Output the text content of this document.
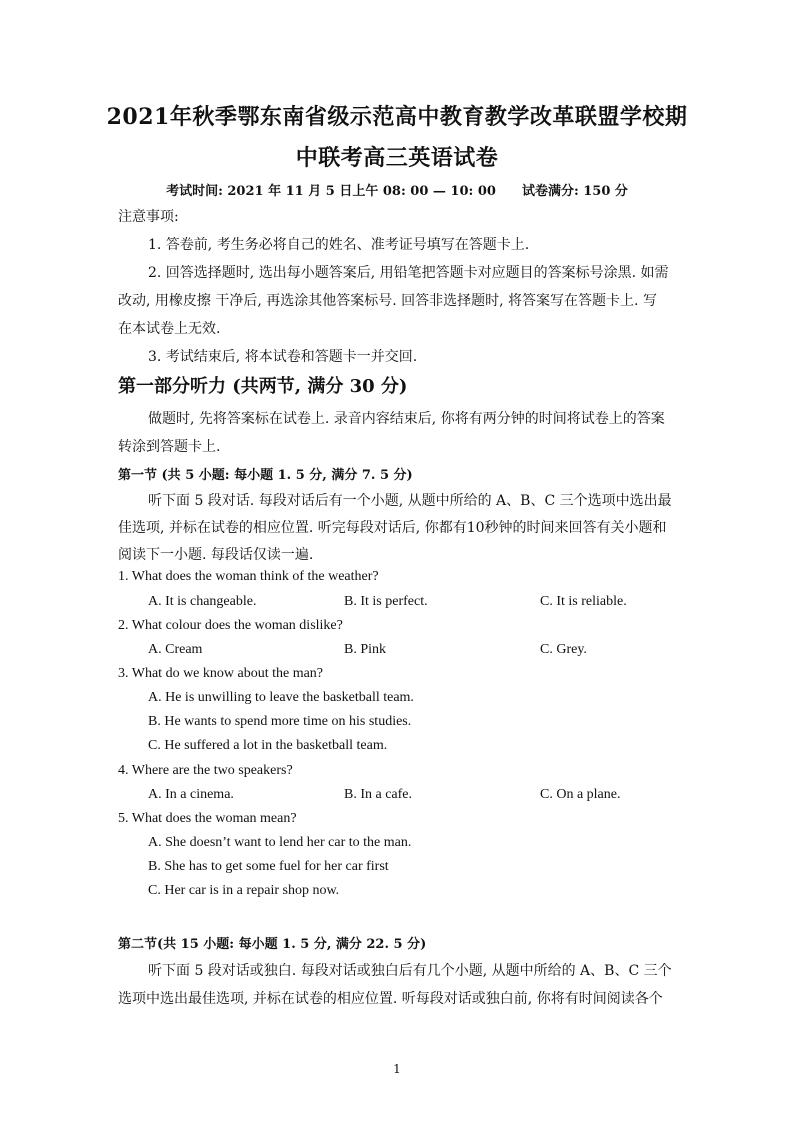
2021年秋季鄂东南省级示范高中教育教学改革联盟学校期
中联考高三英语试卷
考试时间: 2021 年 11 月 5 日上午 08: 00 — 10: 00 试卷满分: 150 分
注意事项:
1. 答卷前, 考生务必将自己的姓名、准考证号填写在答题卡上.
2. 回答选择题时, 选出每小题答案后, 用铅笔把答题卡对应题目的答案标号涂黑. 如需
改动, 用橡皮擦 干净后, 再选涂其他答案标号. 回答非选择题时, 将答案写在答题卡上. 写
在本试卷上无效.
3. 考试结束后, 将本试卷和答题卡一并交回.
第一部分听力 (共两节, 满分 30 分)
做题时, 先将答案标在试卷上. 录音内容结束后, 你将有两分钟的时间将试卷上的答案
转涂到答题卡上.
第一节 (共 5 小题: 每小题 1. 5 分, 满分 7. 5 分)
听下面 5 段对话. 每段对话后有一个小题, 从题中所给的 A、B、C 三个选项中选出最
佳选项, 并标在试卷的相应位置. 听完每段对话后, 你都有10秒钟的时间来回答有关小题和
阅读下一小题. 每段话仅读一遍.
1. What does the woman think of the weather?
A. It is changeable.	B. It is perfect.	C. It is reliable.
2. What colour does the woman dislike?
A. Cream	B. Pink	C. Grey.
3. What do we know about the man?
A. He is unwilling to leave the basketball team.
B. He wants to spend more time on his studies.
C. He suffered a lot in the basketball team.
4. Where are the two speakers?
A. In a cinema.	B. In a cafe.	C. On a plane.
5. What does the woman mean?
A. She doesn’t want to lend her car to the man.
B. She has to get some fuel for her car first
C. Her car is in a repair shop now.
第二节(共 15 小题: 每小题 1. 5 分, 满分 22. 5 分)
听下面 5 段对话或独白. 每段对话或独白后有几个小题, 从题中所给的 A、B、C 三个
选项中选出最佳选项, 并标在试卷的相应位置. 听每段对话或独白前, 你将有时间阅读各个
1
